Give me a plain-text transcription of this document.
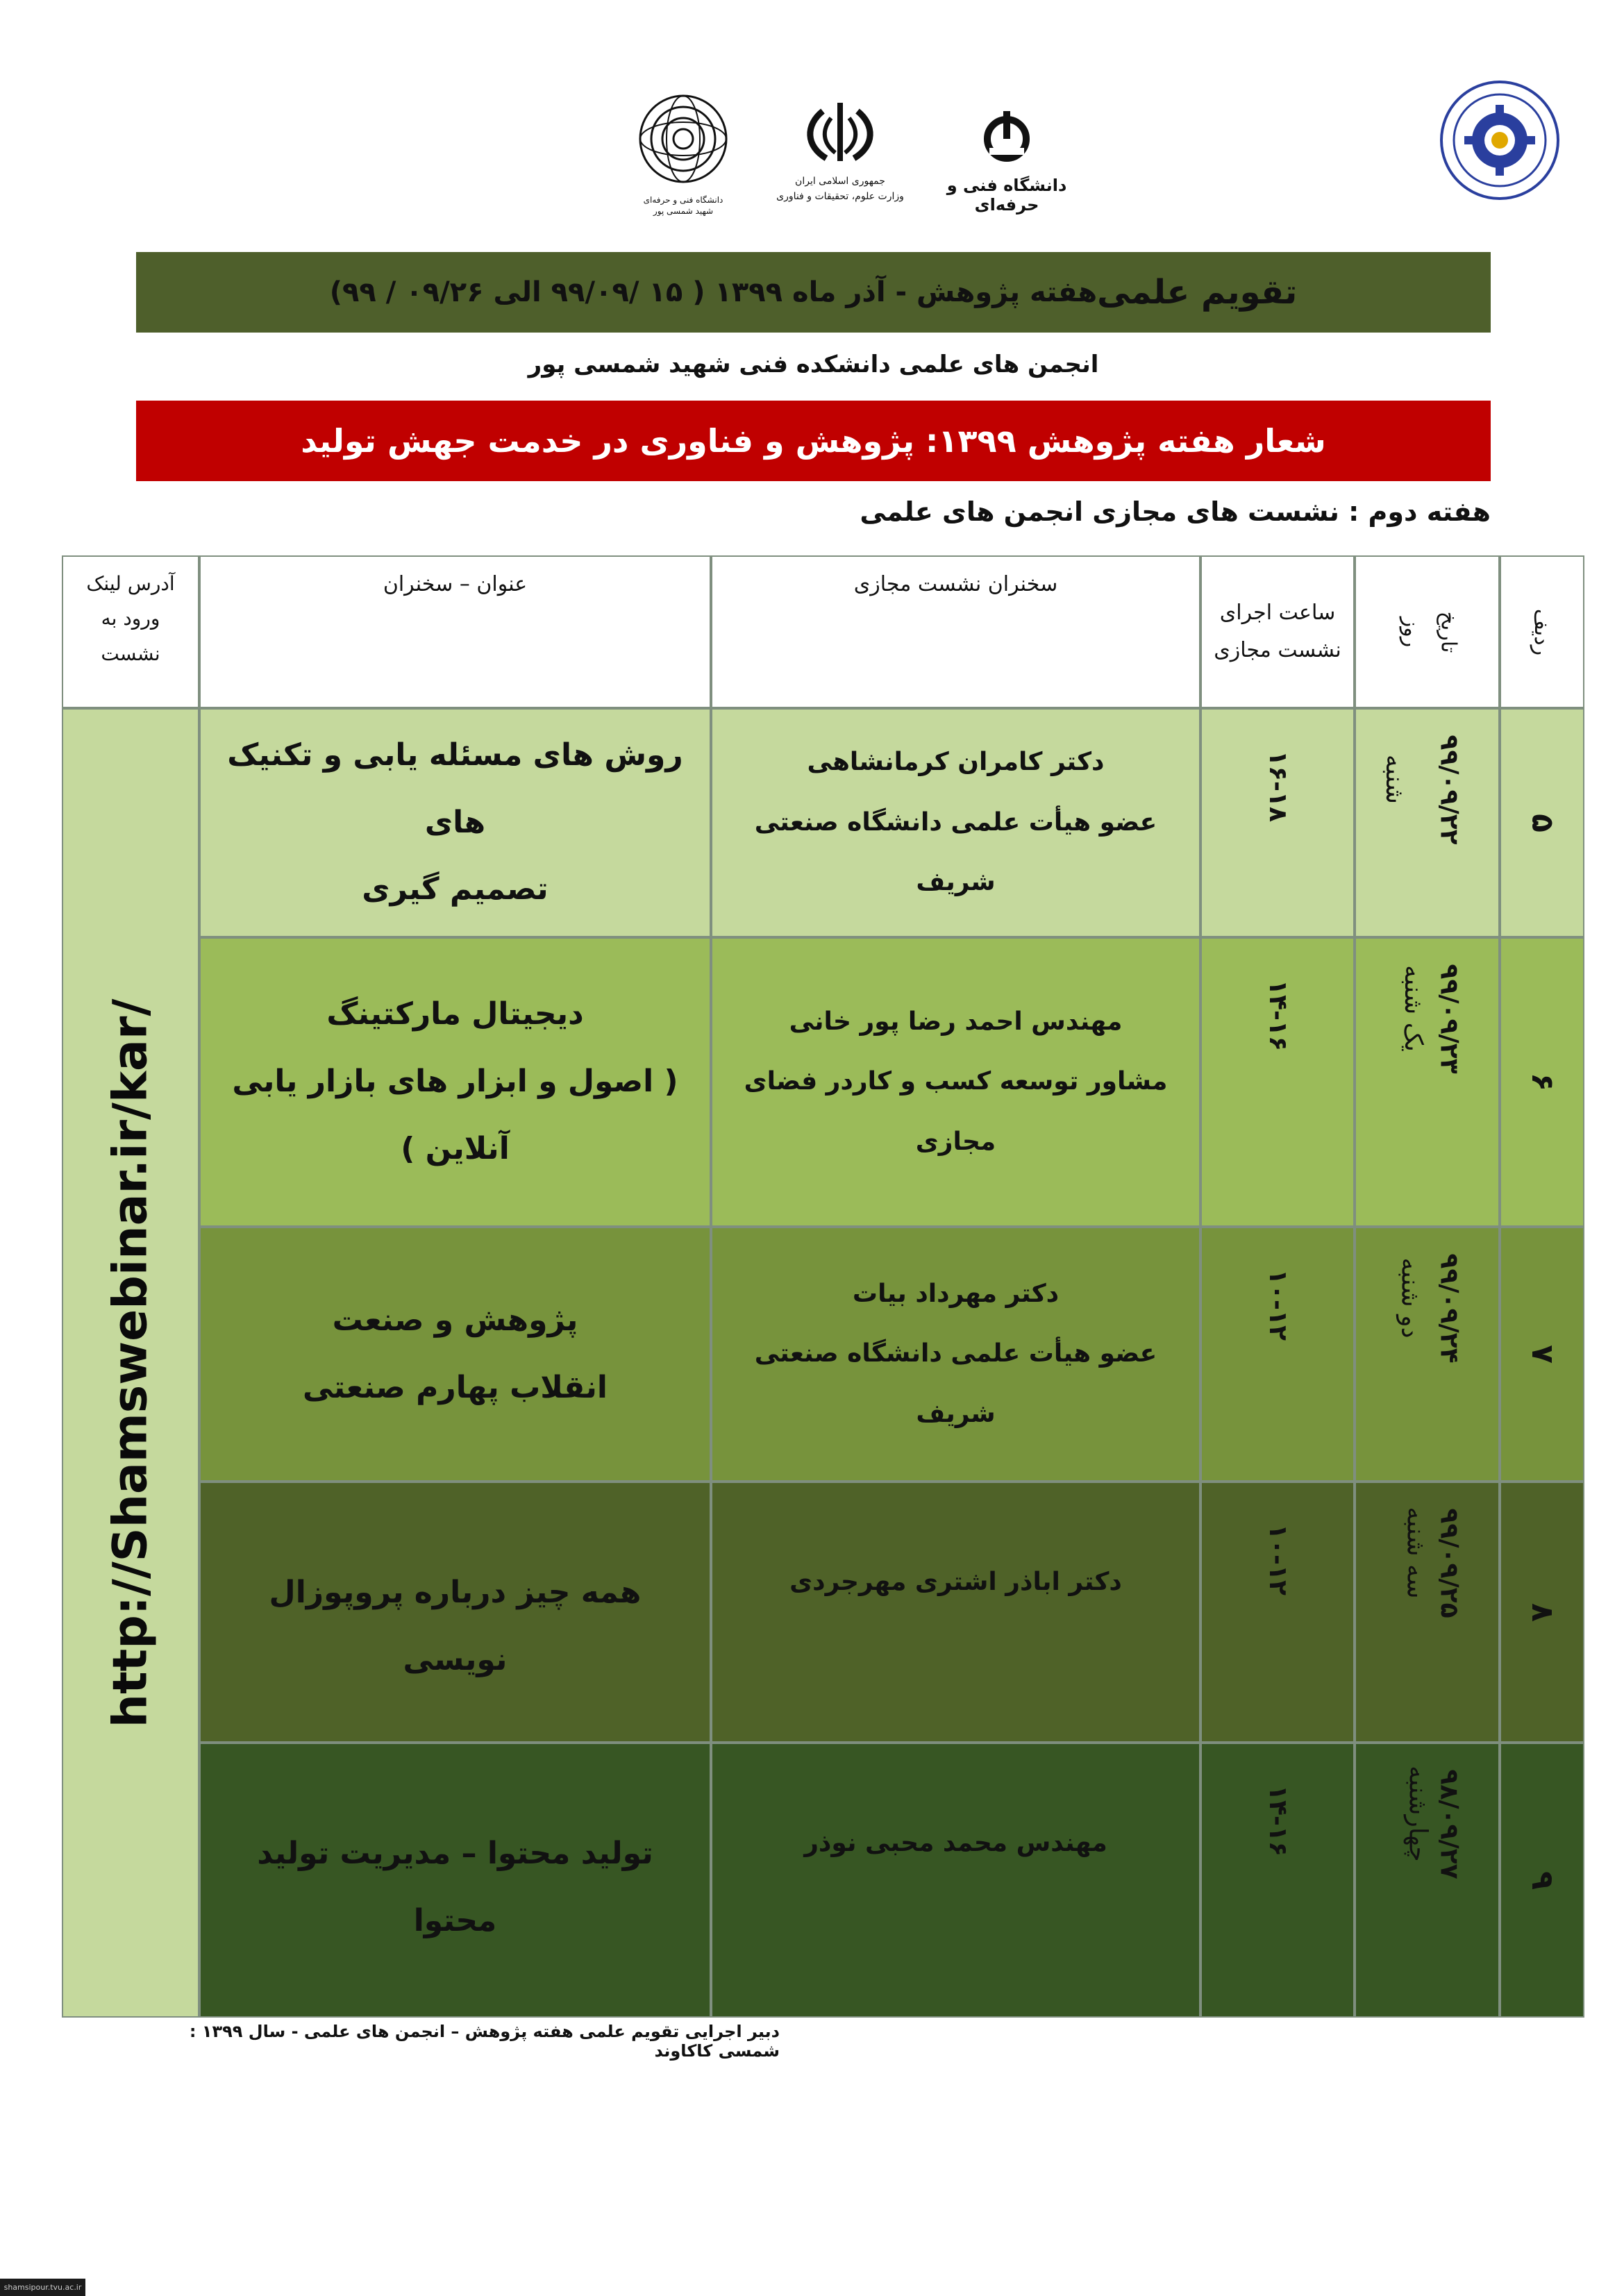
دانشگاه فنی و حرفه‌ای
شهید شمسی پور
جمهوری اسلامی ایران
وزارت علوم، تحقیقات و فناوری
دانشگاه فنی و حرفه‌ای
تقویم علمی
هفته پژوهش - آذر ماه ۱۳۹۹ ( ۱۵ /۹۹/۰۹ الی ۰۹/۲۶ / ۹۹)
انجمن های علمی دانشکده فنی شهید شمسی پور
شعار هفته پژوهش ۱۳۹۹: پژوهش و فناوری در خدمت جهش تولید
هفته دوم : نشست های مجازی انجمن های علمی
ردیف
تاریخ
روز
ساعت اجرای
نشست مجازی
سخنران نشست مجازی
عنوان – سخنران
آدرس لینک
ورود به
نشست
http://Shamswebinar.ir/kar/
۵
۹۹/۰۹/۲۲
شنبه
۱۶-۱۸
دکتر کامران کرمانشاهی
عضو هیأت علمی دانشگاه صنعتی شریف
روش های مسئله یابی و تکنیک های
تصمیم گیری
۶
۹۹/۰۹/۲۳
یک شنبه
۱۴-۱۶
مهندس احمد رضا پور خانی
مشاور توسعه کسب و کاردر فضای
مجازی
دیجیتال مارکتینگ
( اصول و ابزار های بازار یابی آنلاین )
۷
۹۹/۰۹/۲۴
دو شنبه
۱۰-۱۲
دکتر مهرداد بیات
عضو هیأت علمی دانشگاه صنعتی شریف
پژوهش و صنعت
انقلاب پهارم صنعتی
۸
۹۹/۰۹/۲۵
سه شنبه
۱۰-۱۲
دکتر اباذر اشتری مهرجردی
همه چیز درباره پروپوزال نویسی
۹
۹۸/۰۹/۲۷
چهارشنبه
۱۴-۱۶
مهندس محمد محبی نوذر
تولید محتوا – مدیریت تولید محتوا
دبیر اجرایی تقویم علمی هفته پژوهش – انجمن های علمی - سال ۱۳۹۹ : شمسی کاکاوند
shamsipour.tvu.ac.ir
